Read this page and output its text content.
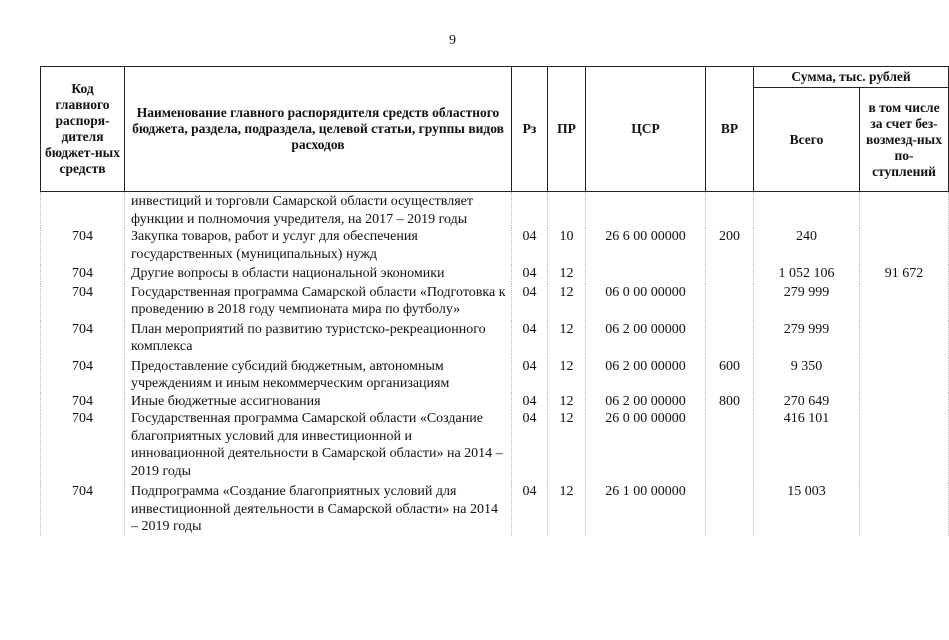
9
Код главного распоря-дителя бюджет-ных средств	Наименование главного распорядителя средств областного бюджета, раздела, подраздела, целевой статьи, группы видов расходов	Рз	ПР	ЦСР	ВР	Сумма, тыс. рублей	
						Всего	в том числе за счет без-возмезд-ных по-ступлений
	инвестиций и торговли Самарской области осуществляет функции и полномочия учредителя, на 2017 – 2019 годы						
704	Закупка товаров, работ и услуг для обеспечения государственных (муниципальных) нужд	04	10	26 6 00 00000	200	240	
704	Другие вопросы в области национальной экономики	04	12			1 052 106	91 672
704	Государственная программа Самарской области «Подготовка к проведению в 2018 году чемпионата мира по футболу»	04	12	06 0 00 00000		279 999	
704	План мероприятий по развитию туристско-рекреационного комплекса	04	12	06 2 00 00000		279 999	
704	Предоставление субсидий бюджетным, автономным учреждениям и иным некоммерческим организациям	04	12	06 2 00 00000	600	9 350	
704	Иные бюджетные ассигнования	04	12	06 2 00 00000	800	270 649	
704	Государственная программа Самарской области «Создание благоприятных условий для инвестиционной и инновационной деятельности в Самарской области» на 2014 – 2019 годы	04	12	26 0 00 00000		416 101	
704	Подпрограмма «Создание благоприятных условий для инвестиционной деятельности в Самарской области» на 2014 – 2019 годы	04	12	26 1 00 00000		15 003	
